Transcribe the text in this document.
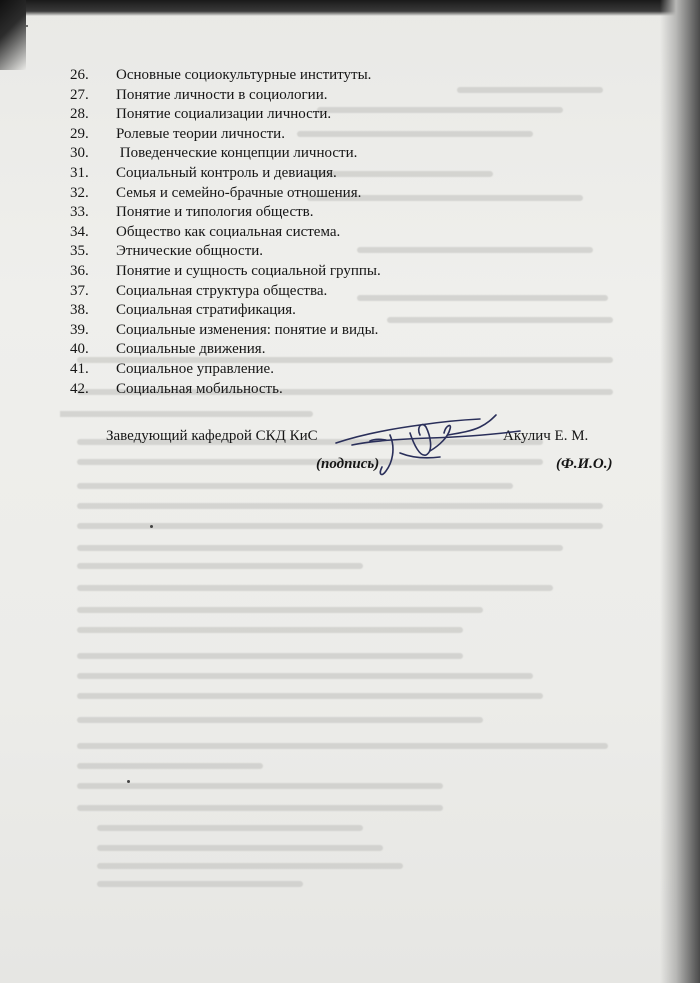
26. Основные социокультурные институты.
27. Понятие личности в социологии.
28. Понятие социализации личности.
29. Ролевые теории личности.
30. Поведенческие концепции личности.
31. Социальный контроль и девиация.
32. Семья и семейно-брачные отношения.
33. Понятие и типология обществ.
34. Общество как социальная система.
35. Этнические общности.
36. Понятие и сущность социальной группы.
37. Социальная структура общества.
38. Социальная стратификация.
39. Социальные изменения: понятие и виды.
40. Социальные движения.
41. Социальное управление.
42. Социальная мобильность.
Заведующий кафедрой СКД КиС	Акулич Е. М.
(подпись)	(Ф.И.О.)
